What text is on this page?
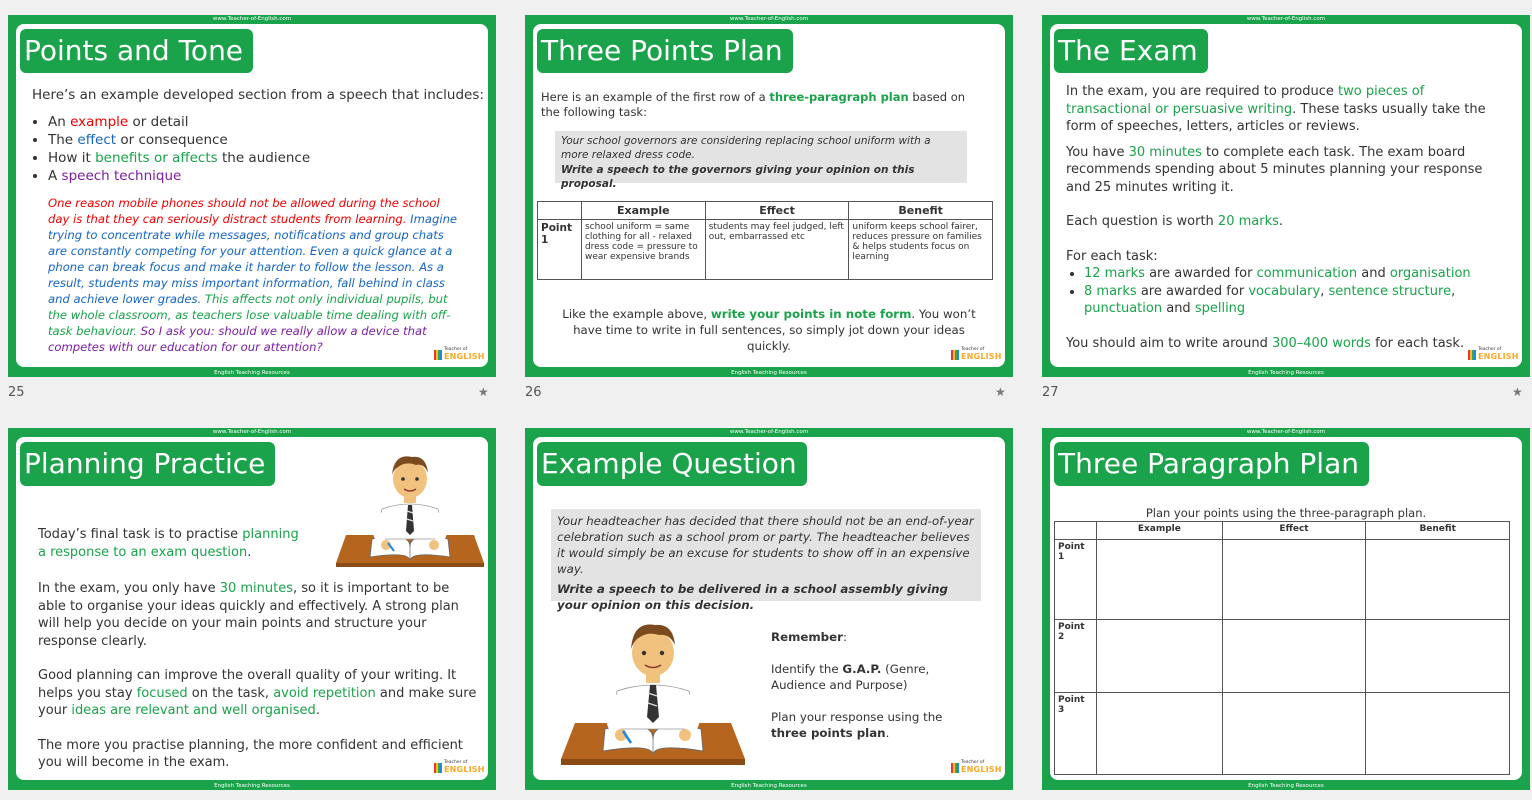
www.Teacher-of-English.com
Points and Tone
Here’s an example developed section from a speech that includes:
• An example or detail
• The effect or consequence
• How it benefits or affects the audience
• A speech technique
One reason mobile phones should not be allowed during the school day is that they can seriously distract students from learning. Imagine trying to concentrate while messages, notifications and group chats are constantly competing for your attention. Even a quick glance at a phone can break focus and make it harder to follow the lesson. As a result, students may miss important information, fall behind in class and achieve lower grades. This affects not only individual pupils, but the whole classroom, as teachers lose valuable time dealing with off-task behaviour. So I ask you: should we really allow a device that competes with our education for our attention?	Teacher of
ENGLISH
English Teaching Resources
25	★
www.Teacher-of-English.com
Three Points Plan
Here is an example of the first row of a three-paragraph plan based on the following task:
Your school governors are considering replacing school uniform with a more relaxed dress code.
Write a speech to the governors giving your opinion on this proposal.
	Example	Effect	Benefit
Point 1	school uniform = same clothing for all - relaxed dress code = pressure to wear expensive brands	students may feel judged, left out, embarrassed etc	uniform keeps school fairer, reduces pressure on families & helps students focus on learning
Like the example above, write your points in note form. You won’t have time to write in full sentences, so simply jot down your ideas quickly.	Teacher of
ENGLISH
English Teaching Resources
26	★
www.Teacher-of-English.com
The Exam

In the exam, you are required to produce two pieces of transactional or persuasive writing. These tasks usually take the form of speeches, letters, articles or reviews.

You have 30 minutes to complete each task. The exam board recommends spending about 5 minutes planning your response and 25 minutes writing it.

Each question is worth 20 marks.

For each task:

• 12 marks are awarded for communication and organisation
• 8 marks are awarded for vocabulary, sentence structure, punctuation and spelling

You should aim to write around 300–400 words for each task.	Teacher of
ENGLISH
English Teaching Resources
27	★
www.Teacher-of-English.com
Planning Practice
Today’s final task is to practise planning a response to an exam question.

In the exam, you only have 30 minutes, so it is important to be able to organise your ideas quickly and effectively. A strong plan will help you decide on your main points and structure your response clearly.

Good planning can improve the overall quality of your writing. It helps you stay focused on the task, avoid repetition and make sure your ideas are relevant and well organised.

The more you practise planning, the more confident and efficient you will become in the exam.	Teacher of
ENGLISH
English Teaching Resources
www.Teacher-of-English.com
Example Question
Your headteacher has decided that there should not be an end-of-year celebration such as a school prom or party. The headteacher believes it would simply be an excuse for students to show off in an expensive way.
Write a speech to be delivered in a school assembly giving your opinion on this decision.

Remember:

Identify the G.A.P. (Genre, Audience and Purpose)

Plan your response using the three points plan.

Teacher of
ENGLISH
English Teaching Resources
www.Teacher-of-English.com
Three Paragraph Plan
Plan your points using the three-paragraph plan.
	Example	Effect	Benefit
Point 1			
Point 2			
Point 3			
English Teaching Resources
